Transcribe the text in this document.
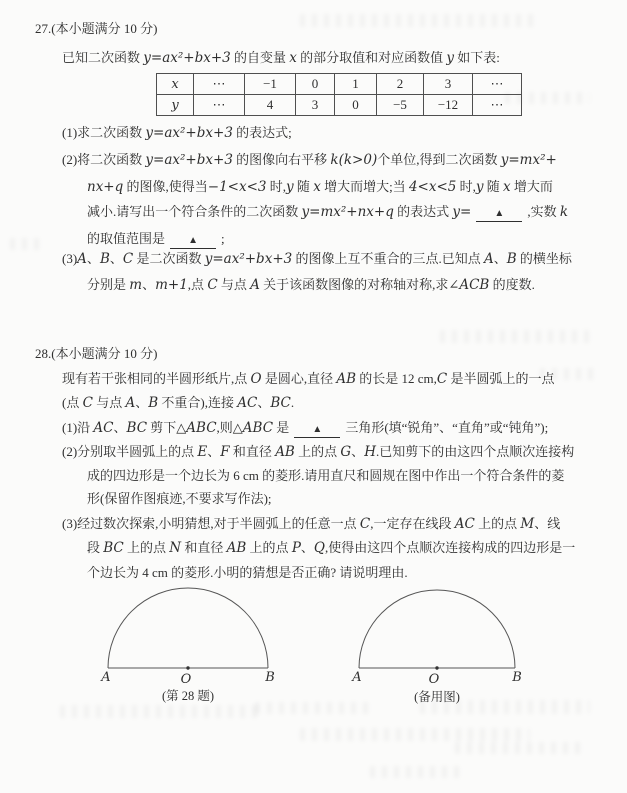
x	⋯	−1	0	1	2	3	⋯
y	⋯	4	3	0	−5	−12	⋯
A	O	B
(第 28 题)
A	O	B
(备用图)
27.(本小题满分 10 分)
已知二次函数 y=ax²+bx+3 的自变量 x 的部分取值和对应函数值 y 如下表:
(1)求二次函数 y=ax²+bx+3 的表达式;
(2)将二次函数 y=ax²+bx+3 的图像向右平移 k(k>0)个单位,得到二次函数 y=mx²+
nx+q 的图像,使得当−1<x<3 时,y 随 x 增大而增大;当 4<x<5 时,y 随 x 增大而
减小.请写出一个符合条件的二次函数 y=mx²+nx+q 的表达式 y= ▲ ,实数 k
的取值范围是 ▲ ;
(3)A、B、C 是二次函数 y=ax²+bx+3 的图像上互不重合的三点.已知点 A、B 的横坐标
分别是 m、m+1,点 C 与点 A 关于该函数图像的对称轴对称,求∠ACB 的度数.
28.(本小题满分 10 分)
现有若干张相同的半圆形纸片,点 O 是圆心,直径 AB 的长是 12 cm,C 是半圆弧上的一点
(点 C 与点 A、B 不重合),连接 AC、BC.
(1)沿 AC、BC 剪下△ABC,则△ABC 是 ▲ 三角形(填“锐角”、“直角”或“钝角”);
(2)分别取半圆弧上的点 E、F 和直径 AB 上的点 G、H.已知剪下的由这四个点顺次连接构
成的四边形是一个边长为 6 cm 的菱形.请用直尺和圆规在图中作出一个符合条件的菱
形(保留作图痕迹,不要求写作法);
(3)经过数次探索,小明猜想,对于半圆弧上的任意一点 C,一定存在线段 AC 上的点 M、线
段 BC 上的点 N 和直径 AB 上的点 P、Q,使得由这四个点顺次连接构成的四边形是一
个边长为 4 cm 的菱形.小明的猜想是否正确? 请说明理由.
